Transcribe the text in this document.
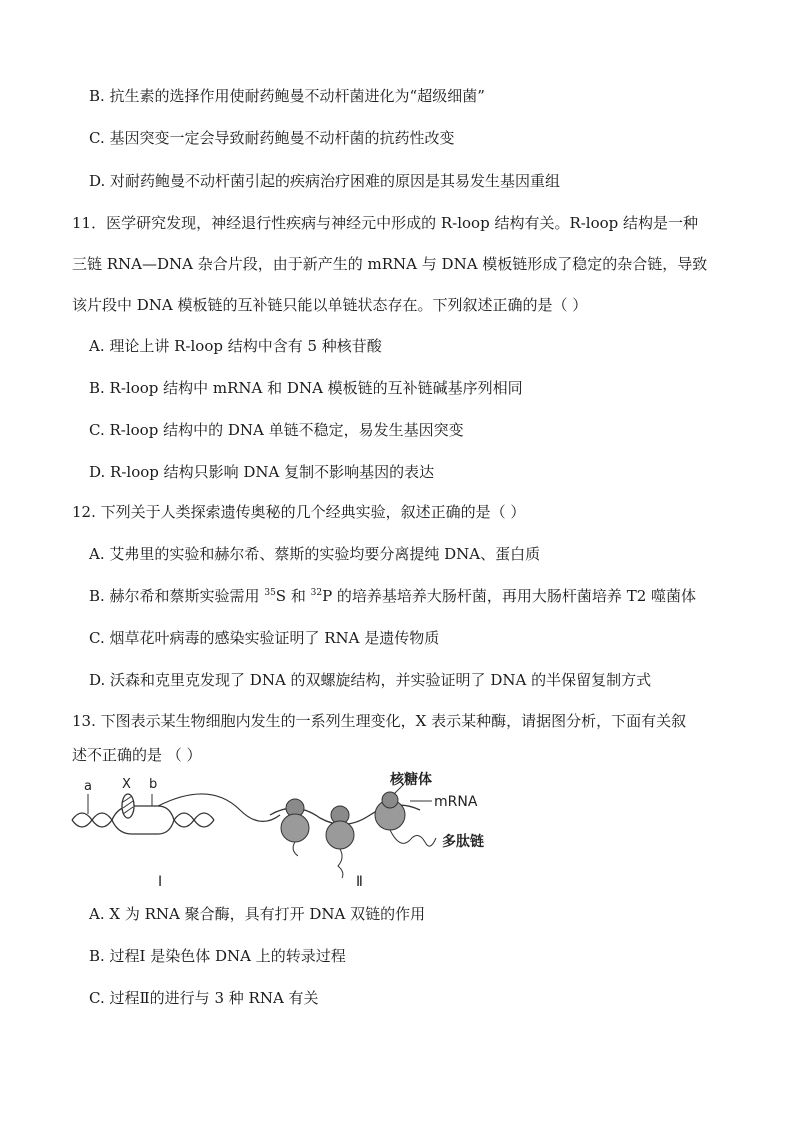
B. 抗生素的选择作用使耐药鲍曼不动杆菌进化为“超级细菌”
C. 基因突变一定会导致耐药鲍曼不动杆菌的抗药性改变
D. 对耐药鲍曼不动杆菌引起的疾病治疗困难的原因是其易发生基因重组
11．医学研究发现，神经退行性疾病与神经元中形成的 R-loop 结构有关。R-loop 结构是一种
三链 RNA—DNA 杂合片段，由于新产生的 mRNA 与 DNA 模板链形成了稳定的杂合链，导致
该片段中 DNA 模板链的互补链只能以单链状态存在。下列叙述正确的是（ ）
A. 理论上讲 R-loop 结构中含有 5 种核苷酸
B. R-loop 结构中 mRNA 和 DNA 模板链的互补链碱基序列相同
C. R-loop 结构中的 DNA 单链不稳定，易发生基因突变
D. R-loop 结构只影响 DNA 复制不影响基因的表达
12. 下列关于人类探索遗传奥秘的几个经典实验，叙述正确的是（ ）
A. 艾弗里的实验和赫尔希、蔡斯的实验均要分离提纯 DNA、蛋白质
B. 赫尔希和蔡斯实验需用 $^{35}$S 和 $^{32}$P 的培养基培养大肠杆菌，再用大肠杆菌培养 T2 噬菌体
C. 烟草花叶病毒的感染实验证明了 RNA 是遗传物质
D. 沃森和克里克发现了 DNA 的双螺旋结构，并实验证明了 DNA 的半保留复制方式
13. 下图表示某生物细胞内发生的一系列生理变化，X 表示某种酶，请据图分析，下面有关叙
述不正确的是 （ ）
a X b	核糖体
mRNA
多肽链
I	Ⅱ
A. X 为 RNA 聚合酶，具有打开 DNA 双链的作用
B. 过程Ⅰ 是染色体 DNA 上的转录过程
C. 过程Ⅱ的进行与 3 种 RNA 有关
